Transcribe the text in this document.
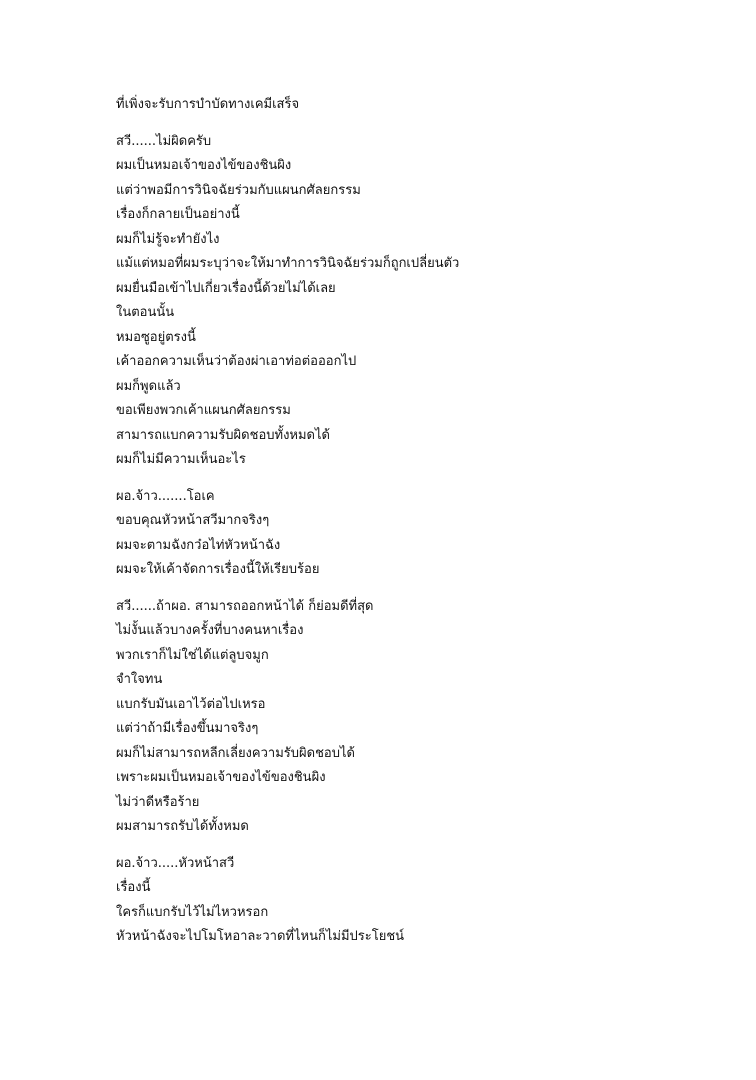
ที่เพิ่งจะรับการบำบัดทางเคมีเสร็จ
สวี......ไม่ผิดครับ
ผมเป็นหมอเจ้าของไข้ของชินผิง
แต่ว่าพอมีการวินิจฉัยร่วมกับแผนกศัลยกรรม
เรื่องก็กลายเป็นอย่างนี้
ผมก็ไม่รู้จะทำยังไง
แม้แต่หมอที่ผมระบุว่าจะให้มาทำการวินิจฉัยร่วมก็ถูกเปลี่ยนตัว
ผมยื่นมือเข้าไปเกี่ยวเรื่องนี้ด้วยไม่ได้เลย
ในตอนนั้น
หมอซูอยู่ตรงนี้
เค้าออกความเห็นว่าต้องผ่าเอาท่อต่อออกไป
ผมก็พูดแล้ว
ขอเพียงพวกเค้าแผนกศัลยกรรม
สามารถแบกความรับผิดชอบทั้งหมดได้
ผมก็ไม่มีความเห็นอะไร
ผอ.จ้าว.......โอเค
ขอบคุณหัวหน้าสวีมากจริงๆ
ผมจะตามฉังกว๋อไท่หัวหน้าฉัง
ผมจะให้เค้าจัดการเรื่องนี้ให้เรียบร้อย
สวี......ถ้าผอ. สามารถออกหน้าได้ ก็ย่อมดีที่สุด
ไม่งั้นแล้วบางครั้งที่บางคนหาเรื่อง
พวกเราก็ไม่ใช่ได้แต่ลูบจมูก
จำใจทน
แบกรับมันเอาไว้ต่อไปเหรอ
แต่ว่าถ้ามีเรื่องขึ้นมาจริงๆ
ผมก็ไม่สามารถหลีกเลี่ยงความรับผิดชอบได้
เพราะผมเป็นหมอเจ้าของไข้ของชินผิง
ไม่ว่าดีหรือร้าย
ผมสามารถรับได้ทั้งหมด
ผอ.จ้าว.....หัวหน้าสวี
เรื่องนี้
ใครก็แบกรับไว้ไม่ไหวหรอก
หัวหน้าฉังจะไปโมโหอาละวาดที่ไหนก็ไม่มีประโยชน์
